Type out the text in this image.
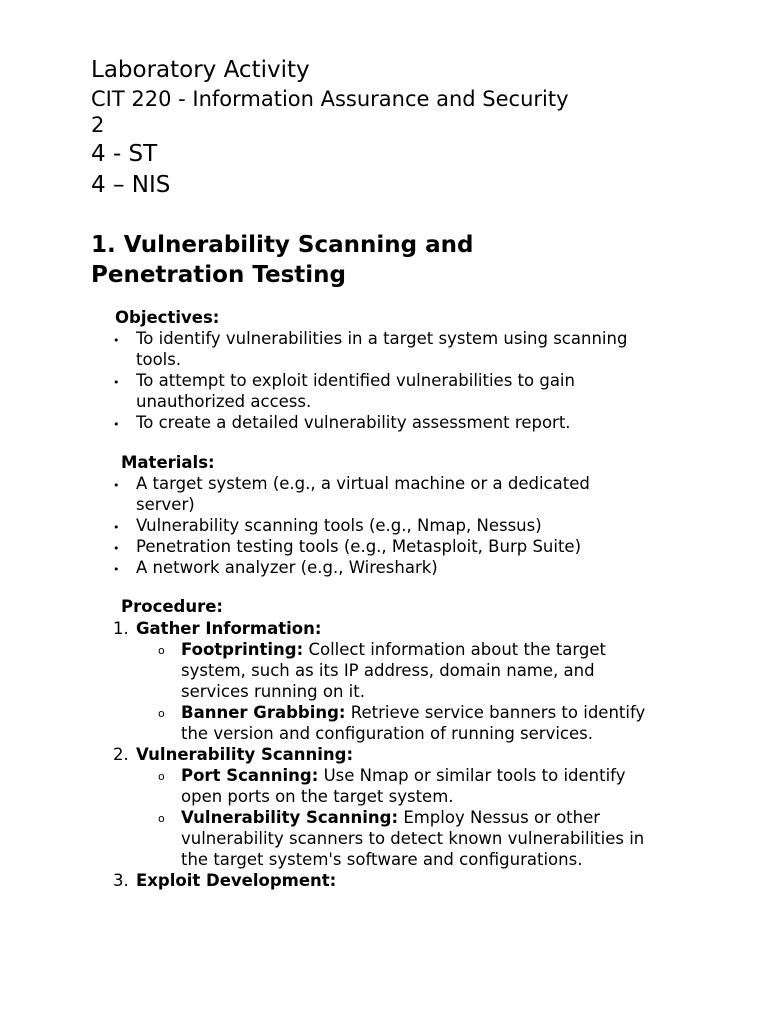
Laboratory Activity
CIT 220 - Information Assurance and Security
2
4 - ST
4 – NIS
1. Vulnerability Scanning and
Penetration Testing
Objectives:
• To identify vulnerabilities in a target system using scanning
tools.
• To attempt to exploit identified vulnerabilities to gain
unauthorized access.
• To create a detailed vulnerability assessment report.
Materials:
• A target system (e.g., a virtual machine or a dedicated
server)
• Vulnerability scanning tools (e.g., Nmap, Nessus)
• Penetration testing tools (e.g., Metasploit, Burp Suite)
• A network analyzer (e.g., Wireshark)
Procedure:
1. Gather Information:
o Footprinting: Collect information about the target
system, such as its IP address, domain name, and
services running on it.
o Banner Grabbing: Retrieve service banners to identify
the version and configuration of running services.
2. Vulnerability Scanning:
o Port Scanning: Use Nmap or similar tools to identify
open ports on the target system.
o Vulnerability Scanning: Employ Nessus or other
vulnerability scanners to detect known vulnerabilities in
the target system's software and configurations.
3. Exploit Development:
